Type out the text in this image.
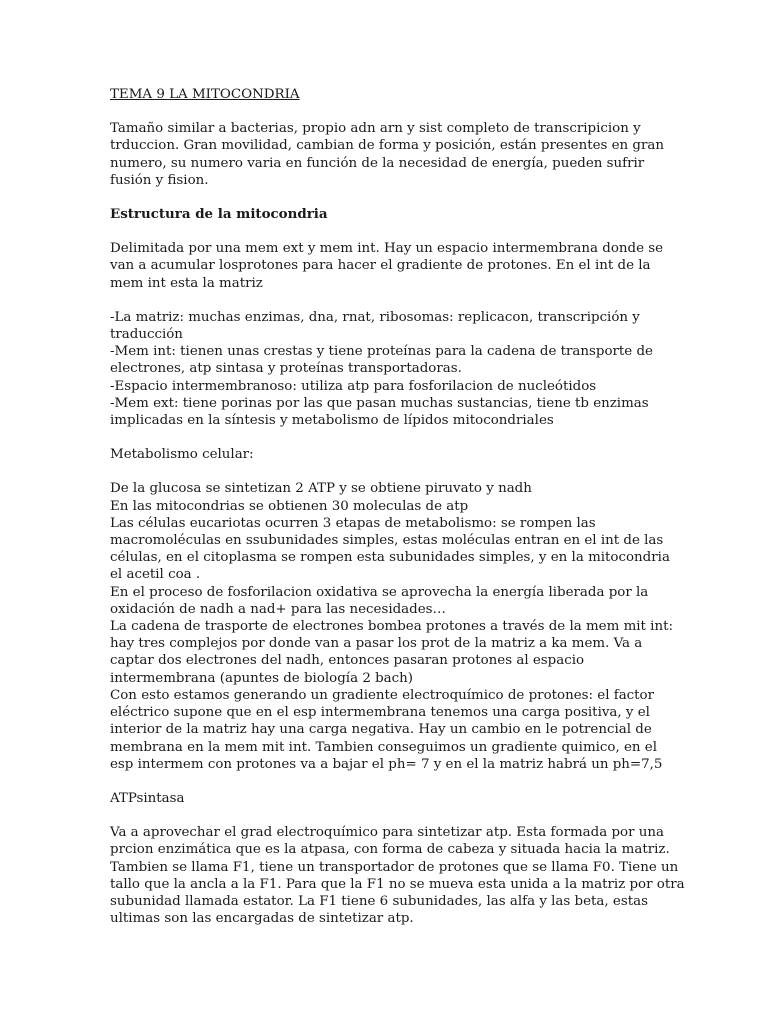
TEMA 9 LA MITOCONDRIA
Tamaño similar a bacterias, propio adn arn y sist completo de transcripicion y
trduccion. Gran movilidad, cambian de forma y posición, están presentes en gran
numero, su numero varia en función de la necesidad de energía, pueden sufrir
fusión y fision.
Estructura de la mitocondria
Delimitada por una mem ext y mem int. Hay un espacio intermembrana donde se
van a acumular losprotones para hacer el gradiente de protones. En el int de la
mem int esta la matriz
-La matriz: muchas enzimas, dna, rnat, ribosomas: replicacon, transcripción y
traducción
-Mem int: tienen unas crestas y tiene proteínas para la cadena de transporte de
electrones, atp sintasa y proteínas transportadoras.
-Espacio intermembranoso: utiliza atp para fosforilacion de nucleótidos
-Mem ext: tiene porinas por las que pasan muchas sustancias, tiene tb enzimas
implicadas en la síntesis y metabolismo de lípidos mitocondriales
Metabolismo celular:
De la glucosa se sintetizan 2 ATP y se obtiene piruvato y nadh
En las mitocondrias se obtienen 30 moleculas de atp
Las células eucariotas ocurren 3 etapas de metabolismo: se rompen las
macromoléculas en ssubunidades simples, estas moléculas entran en el int de las
células, en el citoplasma se rompen esta subunidades simples, y en la mitocondria
el acetil coa .
En el proceso de fosforilacion oxidativa se aprovecha la energía liberada por la
oxidación de nadh a nad+ para las necesidades…
La cadena de trasporte de electrones bombea protones a través de la mem mit int:
hay tres complejos por donde van a pasar los prot de la matriz a ka mem. Va a
captar dos electrones del nadh, entonces pasaran protones al espacio
intermembrana (apuntes de biología 2 bach)
Con esto estamos generando un gradiente electroquímico de protones: el factor
eléctrico supone que en el esp intermembrana tenemos una carga positiva, y el
interior de la matriz hay una carga negativa. Hay un cambio en le potrencial de
membrana en la mem mit int. Tambien conseguimos un gradiente quimico, en el
esp intermem con protones va a bajar el ph= 7 y en el la matriz habrá un ph=7,5
ATPsintasa
Va a aprovechar el grad electroquímico para sintetizar atp. Esta formada por una
prcion enzimática que es la atpasa, con forma de cabeza y situada hacia la matriz.
Tambien se llama F1, tiene un transportador de protones que se llama F0. Tiene un
tallo que la ancla a la F1. Para que la F1 no se mueva esta unida a la matriz por otra
subunidad llamada estator. La F1 tiene 6 subunidades, las alfa y las beta, estas
ultimas son las encargadas de sintetizar atp.
